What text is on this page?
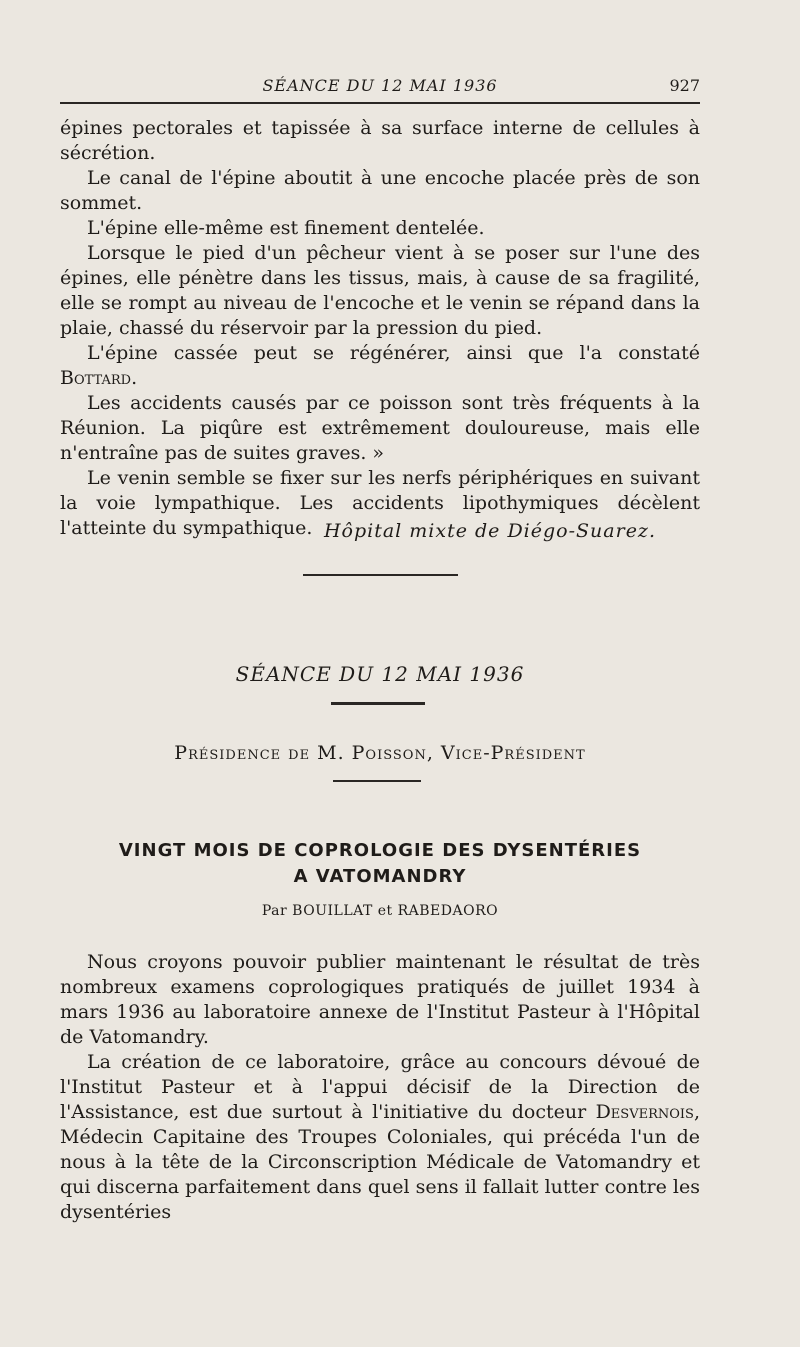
SÉANCE DU 12 MAI 1936	927

épines pectorales et tapissée à sa surface interne de cellules à sécrétion.

Le canal de l'épine aboutit à une encoche placée près de son sommet.

L'épine elle-même est finement dentelée.

Lorsque le pied d'un pêcheur vient à se poser sur l'une des épines, elle pénètre dans les tissus, mais, à cause de sa fragilité, elle se rompt au niveau de l'encoche et le venin se répand dans la plaie, chassé du réservoir par la pression du pied.

L'épine cassée peut se régénérer, ainsi que l'a constaté Bottard.

Les accidents causés par ce poisson sont très fréquents à la Réunion. La piqûre est extrêmement douloureuse, mais elle n'entraîne pas de suites graves. »

Le venin semble se fixer sur les nerfs périphériques en suivant la voie lympathique. Les accidents lipothymiques décèlent l'atteinte du sympathique. Hôpital mixte de Diégo-Suarez.
SÉANCE DU 12 MAI 1936
Présidence de M. Poisson, Vice-Président
VINGT MOIS DE COPROLOGIE DES DYSENTÉRIES
A VATOMANDRY
Par BOUILLAT et RABEDAORO

Nous croyons pouvoir publier maintenant le résultat de très nombreux examens coprologiques pratiqués de juillet 1934 à mars 1936 au laboratoire annexe de l'Institut Pasteur à l'Hôpital de Vatomandry.

La création de ce laboratoire, grâce au concours dévoué de l'Institut Pasteur et à l'appui décisif de la Direction de l'Assistance, est due surtout à l'initiative du docteur Desvernois, Médecin Capitaine des Troupes Coloniales, qui précéda l'un de nous à la tête de la Circonscription Médicale de Vatomandry et qui discerna parfaitement dans quel sens il fallait lutter contre les dysentéries
